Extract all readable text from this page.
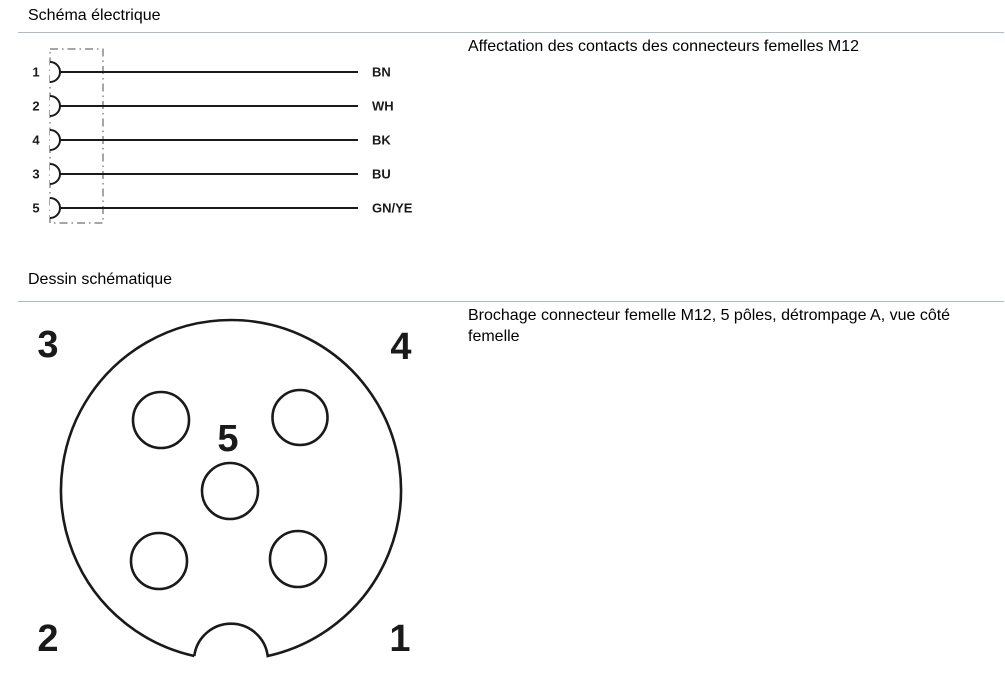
Schéma électrique
1	BN
2	WH
4	BK
3	BU
5	GN/YE
Affectation des contacts des connecteurs femelles M12
Dessin schématique
3	4
5
2	1
Brochage connecteur femelle M12, 5 pôles, détrompage A, vue côté femelle
